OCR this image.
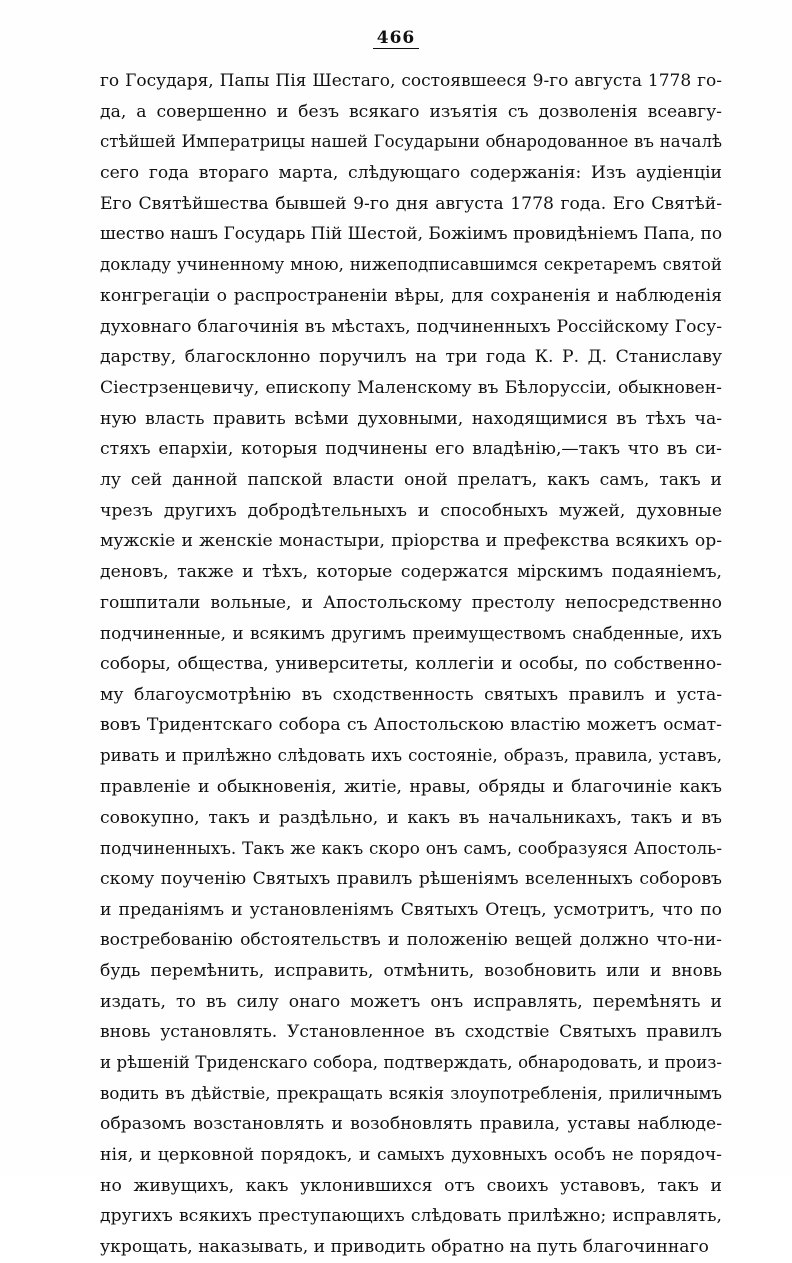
466
го Государя, Папы Пiя Шестаго, состоявшееся 9-го августа 1778 го-
да, а совершенно и безъ всякаго изъятiя съ дозволенія всеавгу-
стѣйшей Императрицы нашей Государыни обнародованное въ началѣ
сего года втораго марта, слѣдующаго содержанія: Изъ аудіенціи
Его Святѣйшества бывшей 9-го дня августа 1778 года. Его Святѣй-
шество нашъ Государь Пій Шестой, Божіимъ провидѣніемъ Папа, по
докладу учиненному мною, нижеподписавшимся секретаремъ святой
конгрегаціи о распространеніи вѣры, для сохраненія и наблюденія
духовнаго благочинія въ мѣстахъ, подчиненныхъ Россійскому Госу-
дарству, благосклонно поручилъ на три года К. Р. Д. Станиславу
Сiестрзенцевичу, епископу Маленскому въ Бѣлоруссіи, обыкновен-
ную власть править всѣми духовными, находящимися въ тѣхъ ча-
стяхъ епархіи, которыя подчинены его владѣнію,—такъ что въ си-
лу сей данной папской власти оной прелатъ, какъ самъ, такъ и
чрезъ другихъ добродѣтельныхъ и способныхъ мужей, духовные
мужскіе и женскіе монастыри, пріорства и префекства всякихъ ор-
деновъ, также и тѣхъ, которые содержатся мірскимъ подаяніемъ,
гошпитали вольные, и Апостольскому престолу непосредственно
подчиненные, и всякимъ другимъ преимуществомъ снабденные, ихъ
соборы, общества, университеты, коллегіи и особы, по собственно-
му благоусмотрѣнію въ сходственность святыхъ правилъ и уста-
вовъ Тридентскаго собора съ Апостольскою властію можетъ осмат-
ривать и прилѣжно слѣдовать ихъ состояніе, образъ, правила, уставъ,
правленіе и обыкновенія, житіе, нравы, обряды и благочиніе какъ
совокупно, такъ и раздѣльно, и какъ въ начальникахъ, такъ и въ
подчиненныхъ. Такъ же какъ скоро онъ самъ, сообразуяся Апостоль-
скому поученію Святыхъ правилъ рѣшеніямъ вселенныхъ соборовъ
и преданіямъ и установленіямъ Святыхъ Отецъ, усмотритъ, что по
востребованію обстоятельствъ и положенію вещей должно что-ни-
будь перемѣнить, исправить, отмѣнить, возобновить или и вновь
издать, то въ силу онаго можетъ онъ исправлять, перемѣнять и
вновь установлять. Установленное въ сходствіе Святыхъ правилъ
и рѣшеній Триденскаго собора, подтверждать, обнародовать, и произ-
водить въ дѣйствіе, прекращать всякія злоупотребленія, приличнымъ
образомъ возстановлять и возобновлять правила, уставы наблюде-
нія, и церковной порядокъ, и самыхъ духовныхъ особъ не порядоч-
но живущихъ, какъ уклонившихся отъ своихъ уставовъ, такъ и
другихъ всякихъ преступающихъ слѣдовать прилѣжно; исправлять,
укрощать, наказывать, и приводить обратно на путь благочиннаго
